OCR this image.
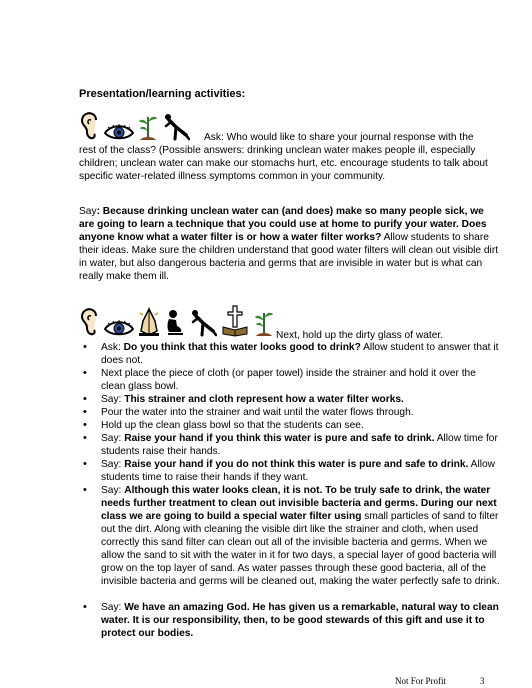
Presentation/learning activities:
Ask: Who would like to share your journal response with the
rest of the class? (Possible answers: drinking unclean water makes people ill, especially children; unclean water can make our stomachs hurt, etc. encourage students to talk about specific water-related illness symptoms common in your community.
Say: Because drinking unclean water can (and does) make so many people sick, we are going to learn a technique that you could use at home to purify your water. Does anyone know what a water filter is or how a water filter works? Allow students to share their ideas. Make sure the children understand that good water filters will clean out visible dirt in water, but also dangerous bacteria and germs that are invisible in water but is what can really make them ill.
Next, hold up the dirty glass of water.
• Ask: Do you think that this water looks good to drink? Allow student to answer that it does not.
• Next place the piece of cloth (or paper towel) inside the strainer and hold it over the clean glass bowl.
• Say: This strainer and cloth represent how a water filter works.
• Pour the water into the strainer and wait until the water flows through.
• Hold up the clean glass bowl so that the students can see.
• Say: Raise your hand if you think this water is pure and safe to drink. Allow time for students raise their hands.
• Say: Raise your hand if you do not think this water is pure and safe to drink. Allow students time to raise their hands if they want.
• Say: Although this water looks clean, it is not. To be truly safe to drink, the water needs further treatment to clean out invisible bacteria and germs. During our next class we are going to build a special water filter using small particles of sand to filter out the dirt. Along with cleaning the visible dirt like the strainer and cloth, when used correctly this sand filter can clean out all of the invisible bacteria and germs. When we allow the sand to sit with the water in it for two days, a special layer of good bacteria will grow on the top layer of sand. As water passes through these good bacteria, all of the invisible bacteria and germs will be cleaned out, making the water perfectly safe to drink.
• Say: We have an amazing God. He has given us a remarkable, natural way to clean water. It is our responsibility, then, to be good stewards of this gift and use it to protect our bodies.
Not For Profit	3
